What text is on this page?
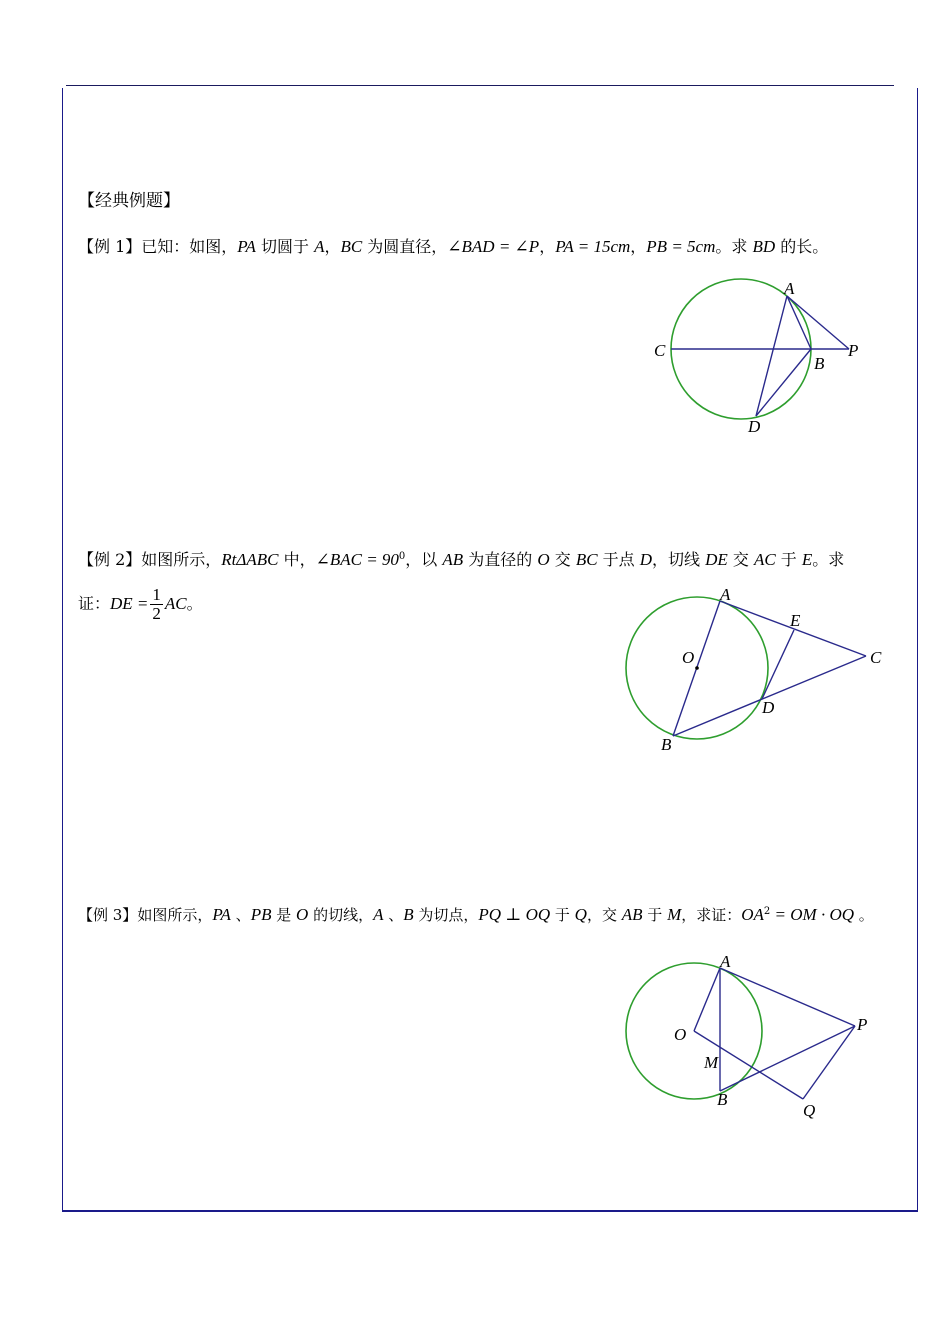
【经典例题】
【例 1】已知：如图，PA 切圆于 A，BC 为圆直径，∠BAD = ∠P，PA = 15cm，PB = 5cm。求 BD 的长。
【例 2】如图所示，RtΔABC 中，∠BAC = $90^0$，以 AB 为直径的 O 交 BC 于点 D，切线 DE 交 AC 于 E。求
证：DE = $\frac{1}{2}$ AC。
【例 3】如图所示，PA 、PB 是 O 的切线，A 、B 为切点，PQ ⊥ OQ 于 Q，交 AB 于 M，求证：$OA^2$ = OM · OQ 。
A
C
B
P
D
A
E
O	C
D
B
A
O
P
M
B
Q
